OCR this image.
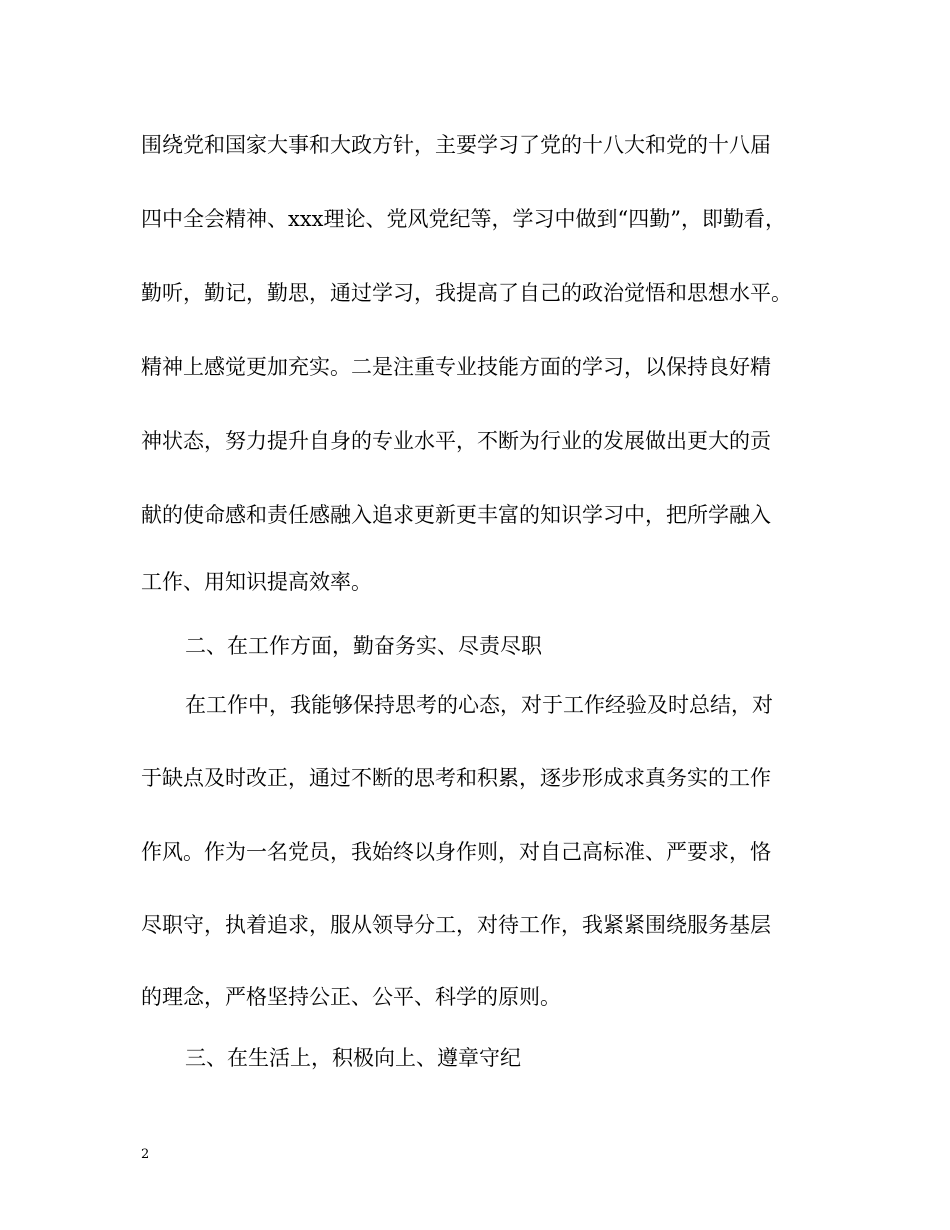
围绕党和国家大事和大政方针，主要学习了党的十八大和党的十八届
四中全会精神、xxx理论、党风党纪等，学习中做到“四勤”，即勤看，
勤听，勤记，勤思，通过学习，我提高了自己的政治觉悟和思想水平。
精神上感觉更加充实。二是注重专业技能方面的学习，以保持良好精
神状态，努力提升自身的专业水平，不断为行业的发展做出更大的贡
献的使命感和责任感融入追求更新更丰富的知识学习中，把所学融入
工作、用知识提高效率。
二、在工作方面，勤奋务实、尽责尽职
在工作中，我能够保持思考的心态，对于工作经验及时总结，对
于缺点及时改正，通过不断的思考和积累，逐步形成求真务实的工作
作风。作为一名党员，我始终以身作则，对自己高标准、严要求，恪
尽职守，执着追求，服从领导分工，对待工作，我紧紧围绕服务基层
的理念，严格坚持公正、公平、科学的原则。
三、在生活上，积极向上、遵章守纪
2
